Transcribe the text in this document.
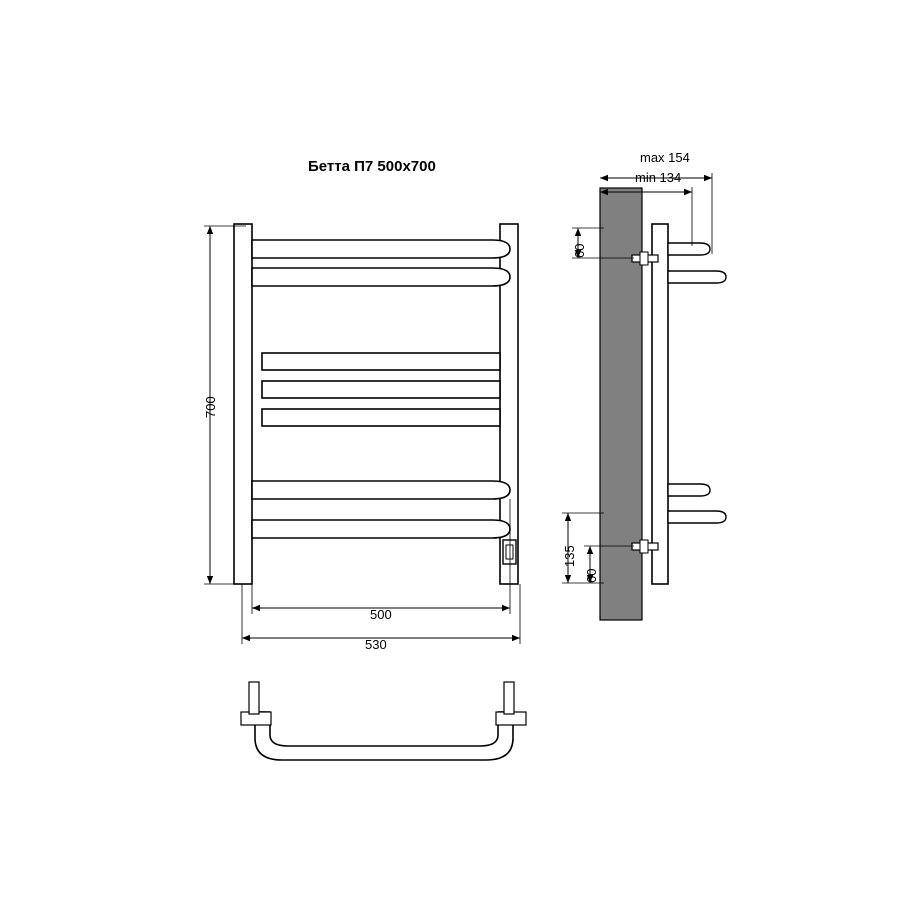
Бетта П7 500x700
700
500
530
max 154
min 134
60
135
60
